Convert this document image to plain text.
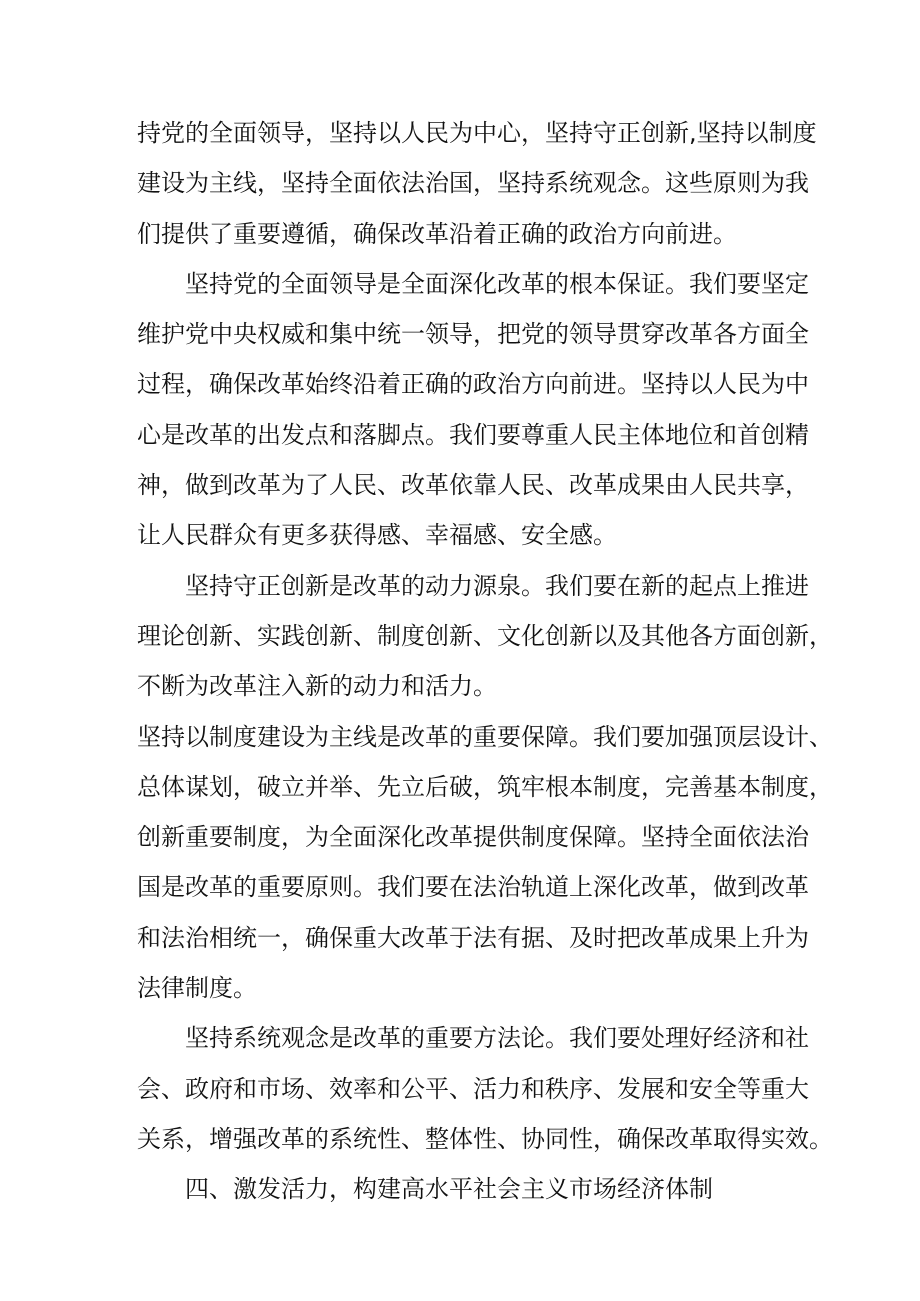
持党的全面领导，坚持以人民为中心，坚持守正创新,坚持以制度
建设为主线，坚持全面依法治国，坚持系统观念。这些原则为我
们提供了重要遵循，确保改革沿着正确的政治方向前进。
坚持党的全面领导是全面深化改革的根本保证。我们要坚定
维护党中央权威和集中统一领导，把党的领导贯穿改革各方面全
过程，确保改革始终沿着正确的政治方向前进。坚持以人民为中
心是改革的出发点和落脚点。我们要尊重人民主体地位和首创精
神，做到改革为了人民、改革依靠人民、改革成果由人民共享，
让人民群众有更多获得感、幸福感、安全感。
坚持守正创新是改革的动力源泉。我们要在新的起点上推进
理论创新、实践创新、制度创新、文化创新以及其他各方面创新，
不断为改革注入新的动力和活力。
坚持以制度建设为主线是改革的重要保障。我们要加强顶层设计、
总体谋划，破立并举、先立后破，筑牢根本制度，完善基本制度，
创新重要制度，为全面深化改革提供制度保障。坚持全面依法治
国是改革的重要原则。我们要在法治轨道上深化改革，做到改革
和法治相统一，确保重大改革于法有据、及时把改革成果上升为
法律制度。
坚持系统观念是改革的重要方法论。我们要处理好经济和社
会、政府和市场、效率和公平、活力和秩序、发展和安全等重大
关系，增强改革的系统性、整体性、协同性，确保改革取得实效。
四、激发活力，构建高水平社会主义市场经济体制
